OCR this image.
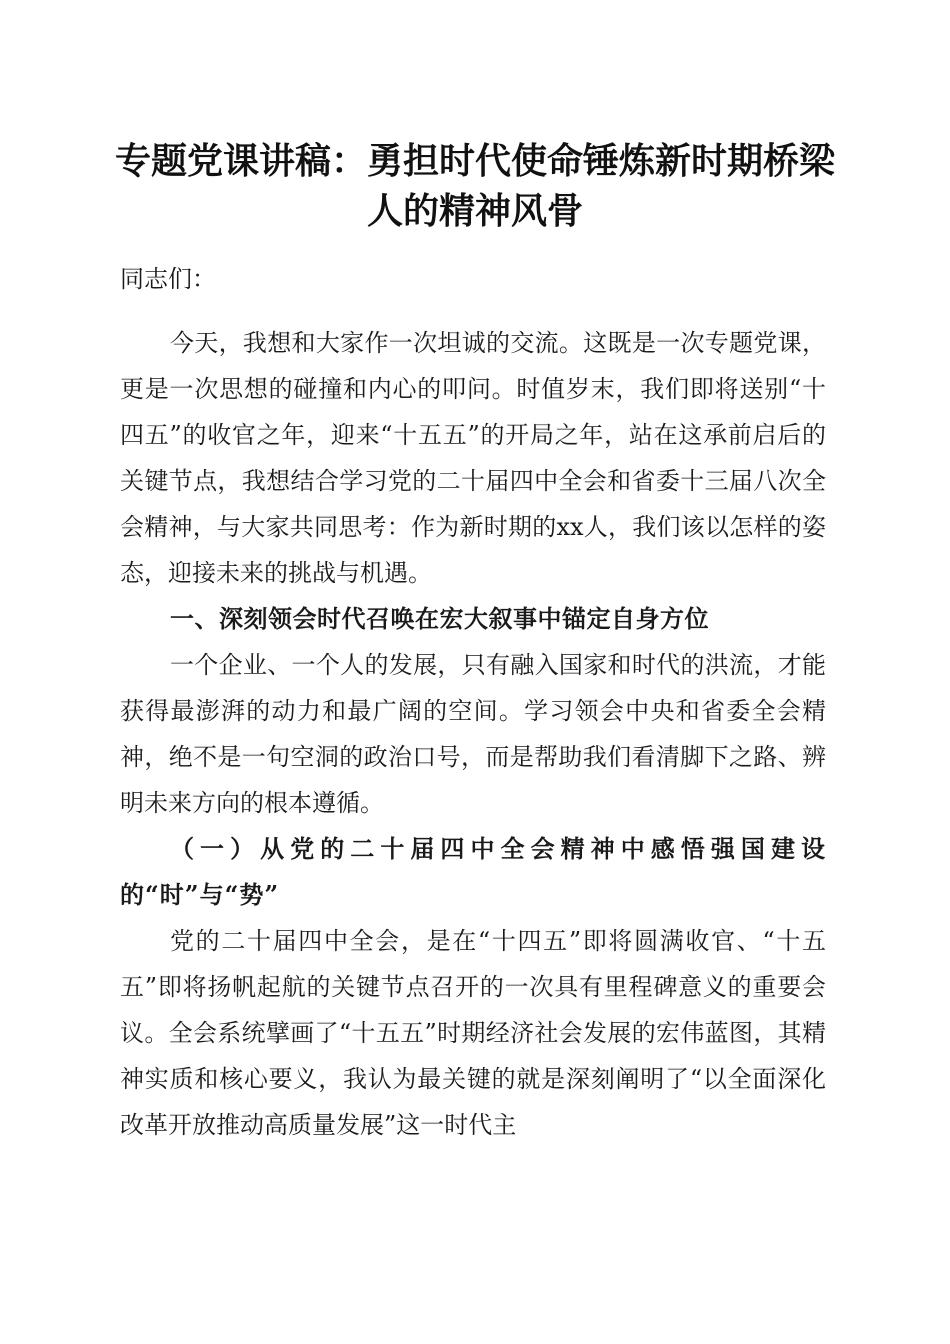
专题党课讲稿：勇担时代使命锤炼新时期桥梁人的精神风骨

同志们：

今天，我想和大家作一次坦诚的交流。这既是一次专题党课，更是一次思想的碰撞和内心的叩问。时值岁末，我们即将送别“十四五”的收官之年，迎来“十五五”的开局之年，站在这承前启后的关键节点，我想结合学习党的二十届四中全会和省委十三届八次全会精神，与大家共同思考：作为新时期的xx人，我们该以怎样的姿态，迎接未来的挑战与机遇。

一、深刻领会时代召唤在宏大叙事中锚定自身方位

一个企业、一个人的发展，只有融入国家和时代的洪流，才能获得最澎湃的动力和最广阔的空间。学习领会中央和省委全会精神，绝不是一句空洞的政治口号，而是帮助我们看清脚下之路、辨明未来方向的根本遵循。

（一）从党的二十届四中全会精神中感悟强国建设的“时”与“势”

党的二十届四中全会，是在“十四五”即将圆满收官、“十五五”即将扬帆起航的关键节点召开的一次具有里程碑意义的重要会议。全会系统擘画了“十五五”时期经济社会发展的宏伟蓝图，其精神实质和核心要义，我认为最关键的就是深刻阐明了“以全面深化改革开放推动高质量发展”这一时代主
